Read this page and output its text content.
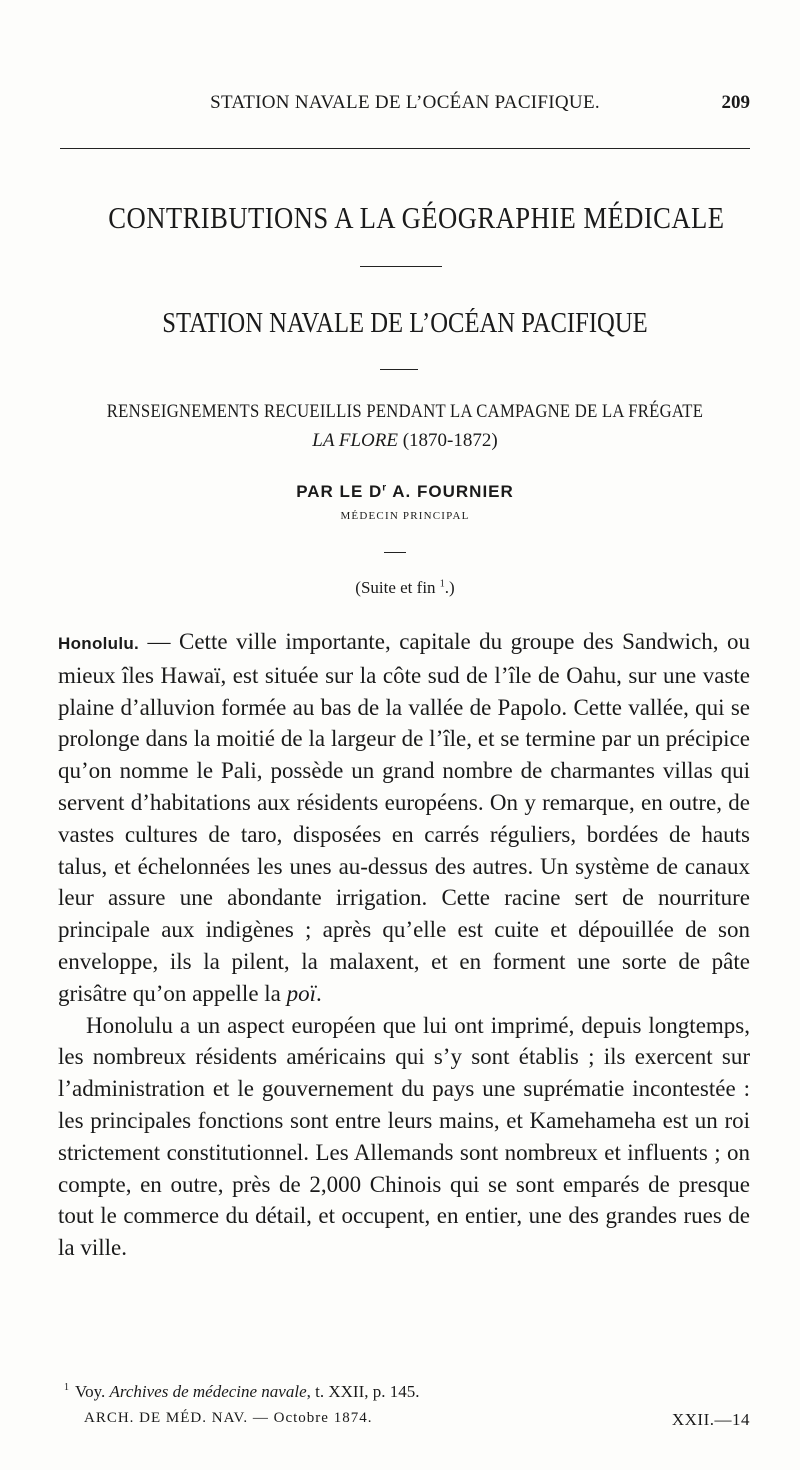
STATION NAVALE DE L’OCÉAN PACIFIQUE.	209
CONTRIBUTIONS A LA GÉOGRAPHIE MÉDICALE
STATION NAVALE DE L’OCÉAN PACIFIQUE
RENSEIGNEMENTS RECUEILLIS PENDANT LA CAMPAGNE DE LA FRÉGATE
LA FLORE (1870-1872)
PAR LE $D^r$ A. FOURNIER
MÉDECIN PRINCIPAL
(Suite et fin $^1$.)

Honolulu. — Cette ville importante, capitale du groupe des Sandwich, ou mieux îles Hawaï, est située sur la côte sud de l’île de Oahu, sur une vaste plaine d’alluvion formée au bas de la vallée de Papolo. Cette vallée, qui se prolonge dans la moitié de la largeur de l’île, et se termine par un précipice qu’on nomme le Pali, possède un grand nombre de charmantes villas qui servent d’habitations aux résidents européens. On y remarque, en outre, de vastes cultures de taro, disposées en carrés réguliers, bordées de hauts talus, et échelonnées les unes au-dessus des autres. Un système de canaux leur assure une abondante irrigation. Cette racine sert de nourriture principale aux indigènes ; après qu’elle est cuite et dépouillée de son enveloppe, ils la pilent, la malaxent, et en forment une sorte de pâte grisâtre qu’on appelle la poï.

Honolulu a un aspect européen que lui ont imprimé, depuis longtemps, les nombreux résidents américains qui s’y sont établis ; ils exercent sur l’administration et le gouvernement du pays une suprématie incontestée : les principales fonctions sont entre leurs mains, et Kamehameha est un roi strictement constitutionnel. Les Allemands sont nombreux et influents ; on compte, en outre, près de 2,000 Chinois qui se sont emparés de presque tout le commerce du détail, et occupent, en entier, une des grandes rues de la ville.

$^1$ Voy. Archives de médecine navale, t. XXII, p. 145.
ARCH. DE MÉD. NAV. — Octobre 1874.	XXII.—14
